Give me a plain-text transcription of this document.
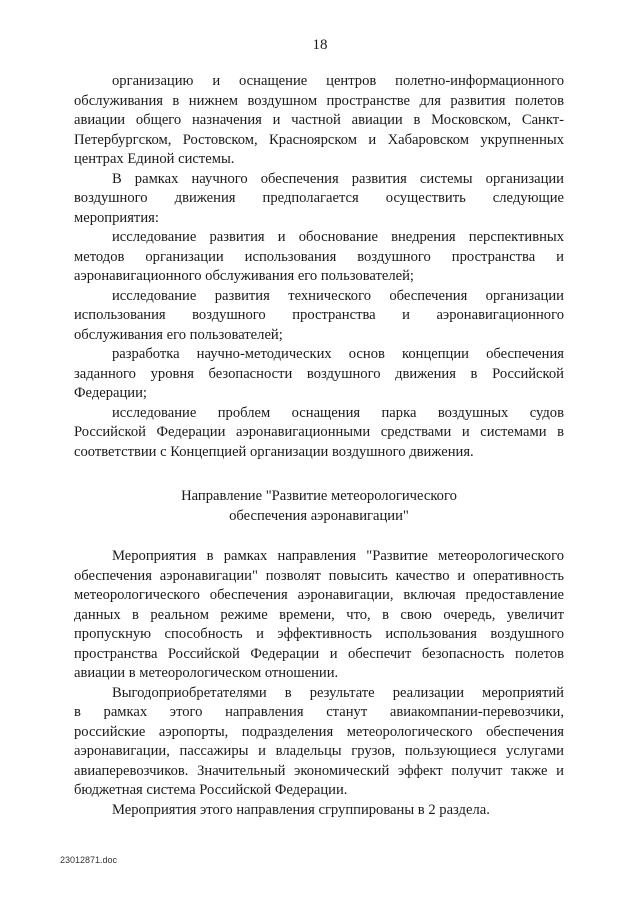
18
организацию и оснащение центров полетно-информационного
обслуживания в нижнем воздушном пространстве для развития полетов
авиации общего назначения и частной авиации в Московском, Санкт-
Петербургском, Ростовском, Красноярском и Хабаровском укрупненных
центрах Единой системы.
В рамках научного обеспечения развития системы организации
воздушного движения предполагается осуществить следующие
мероприятия:
исследование развития и обоснование внедрения перспективных
методов организации использования воздушного пространства и
аэронавигационного обслуживания его пользователей;
исследование развития технического обеспечения организации
использования воздушного пространства и аэронавигационного
обслуживания его пользователей;
разработка научно-методических основ концепции обеспечения
заданного уровня безопасности воздушного движения в Российской
Федерации;
исследование проблем оснащения парка воздушных судов
Российской Федерации аэронавигационными средствами и системами в
соответствии с Концепцией организации воздушного движения.
Направление "Развитие метеорологического
обеспечения аэронавигации"
Мероприятия в рамках направления "Развитие метеорологического
обеспечения аэронавигации" позволят повысить качество и оперативность
метеорологического обеспечения аэронавигации, включая предоставление
данных в реальном режиме времени, что, в свою очередь, увеличит
пропускную способность и эффективность использования воздушного
пространства Российской Федерации и обеспечит безопасность полетов
авиации в метеорологическом отношении.
Выгодоприобретателями в результате реализации мероприятий
в рамках этого направления станут авиакомпании-перевозчики,
российские аэропорты, подразделения метеорологического обеспечения
аэронавигации, пассажиры и владельцы грузов, пользующиеся услугами
авиаперевозчиков. Значительный экономический эффект получит также и
бюджетная система Российской Федерации.
Мероприятия этого направления сгруппированы в 2 раздела.
23012871.doc
